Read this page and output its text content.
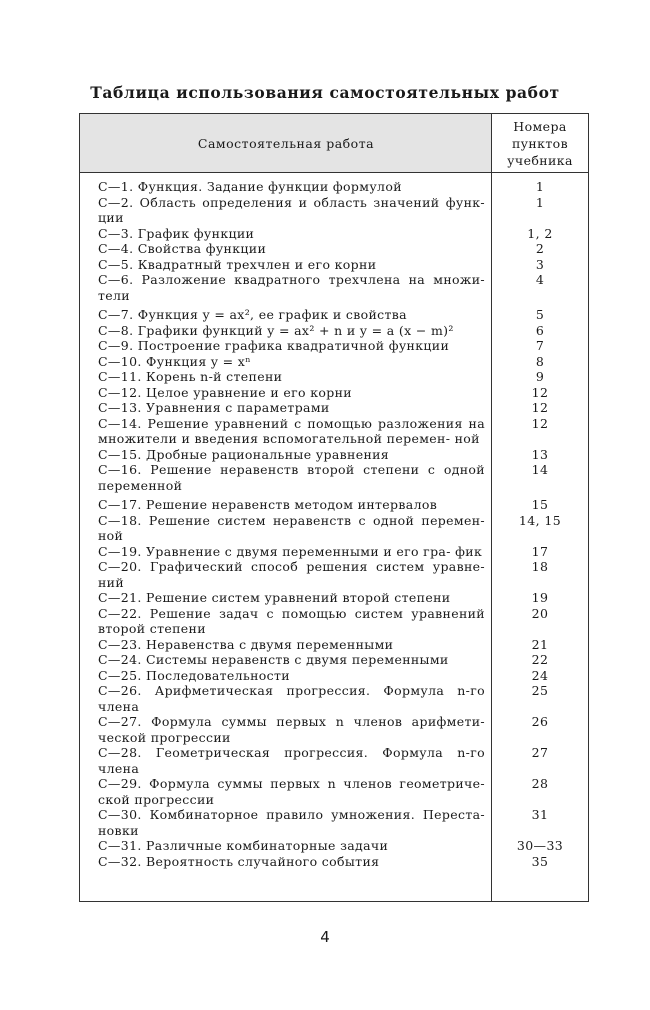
Таблица использования самостоятельных работ
Самостоятельная работа
Номера
пунктов
учебника
С—1. Функция. Задание функции формулой	1
С—2. Область определения и область значений функ- ции
1
С—3. График функции	1, 2
С—4. Свойства функции	2
С—5. Квадратный трехчлен и его корни	3
С—6. Разложение квадратного трехчлена на множи- тели
4
С—7. Функция y = ax², ее график и свойства	5
С—8. Графики функций y = ax² + n и y = a (x − m)²	6
С—9. Построение графика квадратичной функции	7
С—10. Функция y = xⁿ	8
С—11. Корень n-й степени	9
С—12. Целое уравнение и его корни	12
С—13. Уравнения с параметрами	12
С—14. Решение уравнений с помощью разложения на множители и введения вспомогательной перемен- ной
12
С—15. Дробные рациональные уравнения	13
С—16. Решение неравенств второй степени с одной переменной
14
С—17. Решение неравенств методом интервалов	15
С—18. Решение систем неравенств с одной перемен- ной
14, 15
С—19. Уравнение с двумя переменными и его гра- фик	17
С—20. Графический способ решения систем уравне- ний
18
С—21. Решение систем уравнений второй степени	19
С—22. Решение задач с помощью систем уравнений второй степени
20
С—23. Неравенства с двумя переменными	21
С—24. Системы неравенств с двумя переменными	22
С—25. Последовательности	24
С—26. Арифметическая прогрессия. Формула n-го члена
25
С—27. Формула суммы первых n членов арифмети- ческой прогрессии
26
С—28. Геометрическая прогрессия. Формула n-го члена
27
С—29. Формула суммы первых n членов геометриче- ской прогрессии
28
С—30. Комбинаторное правило умножения. Переста- новки
31
С—31. Различные комбинаторные задачи	30—33
С—32. Вероятность случайного события	35
4
